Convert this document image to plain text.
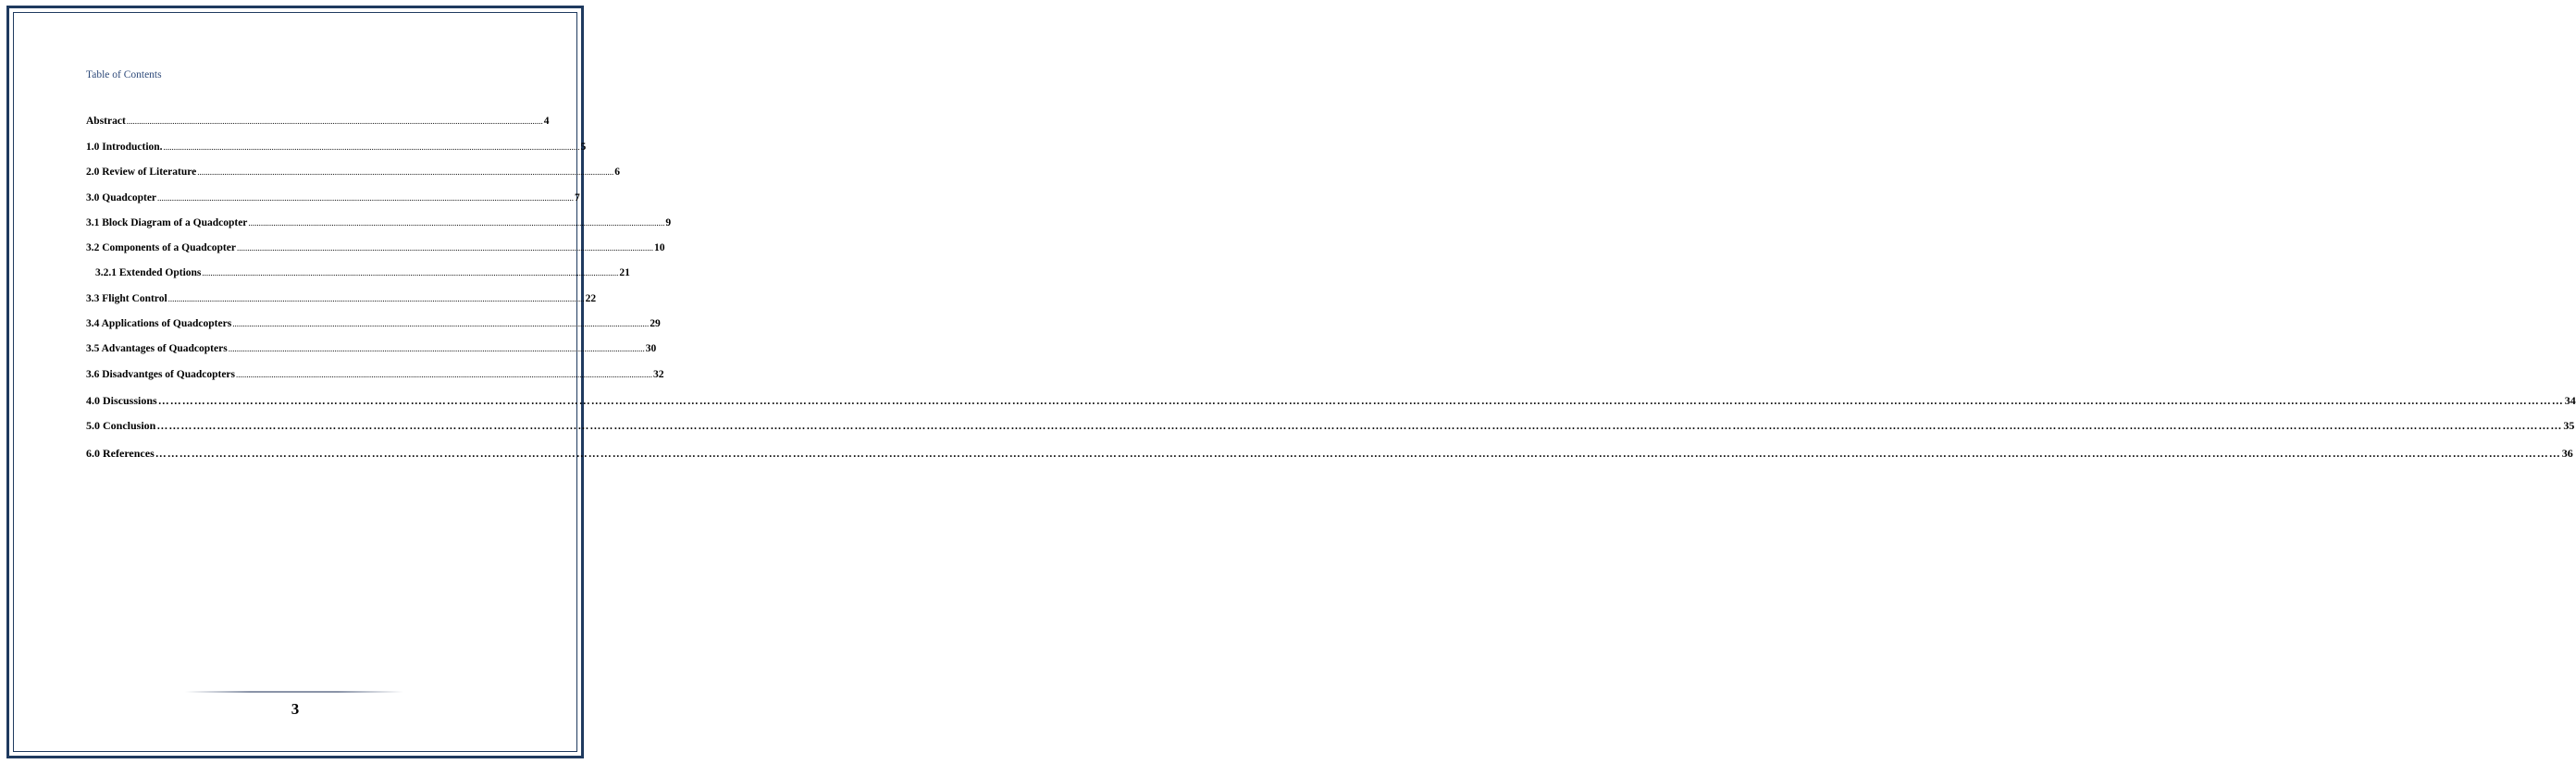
Table of Contents
Abstract ........................................................................................................................................................................................................ 4
1.0 Introduction. ........................................................................................................................................................................................................ 5
2.0 Review of Literature ........................................................................................................................................................................................................ 6
3.0 Quadcopter ........................................................................................................................................................................................................ 7
3.1 Block Diagram of a Quadcopter ........................................................................................................................................................................................................ 9
3.2 Components of a Quadcopter ........................................................................................................................................................................................................ 10
3.2.1 Extended Options ........................................................................................................................................................................................................ 21
3.3 Flight Control ........................................................................................................................................................................................................ 22
3.4 Applications of Quadcopters ........................................................................................................................................................................................................ 29
3.5 Advantages of Quadcopters ........................................................................................................................................................................................................ 30
3.6 Disadvantges of Quadcopters ........................................................................................................................................................................................................ 32
4.0 Discussions …………………………………………………………………………………………………………………………………………………………………………………………………………………………………………………………………………………………………………………………………………………………………………………………………………………………………………………………………………………………………………………………………………………… 34
5.0 Conclusion …………………………………………………………………………………………………………………………………………………………………………………………………………………………………………………………………………………………………………………………………………………………………………………………………………………………………………………………………………………………………………………………………………………… 35
6.0 References …………………………………………………………………………………………………………………………………………………………………………………………………………………………………………………………………………………………………………………………………………………………………………………………………………………………………………………………………………………………………………………………………………………… 36
3
